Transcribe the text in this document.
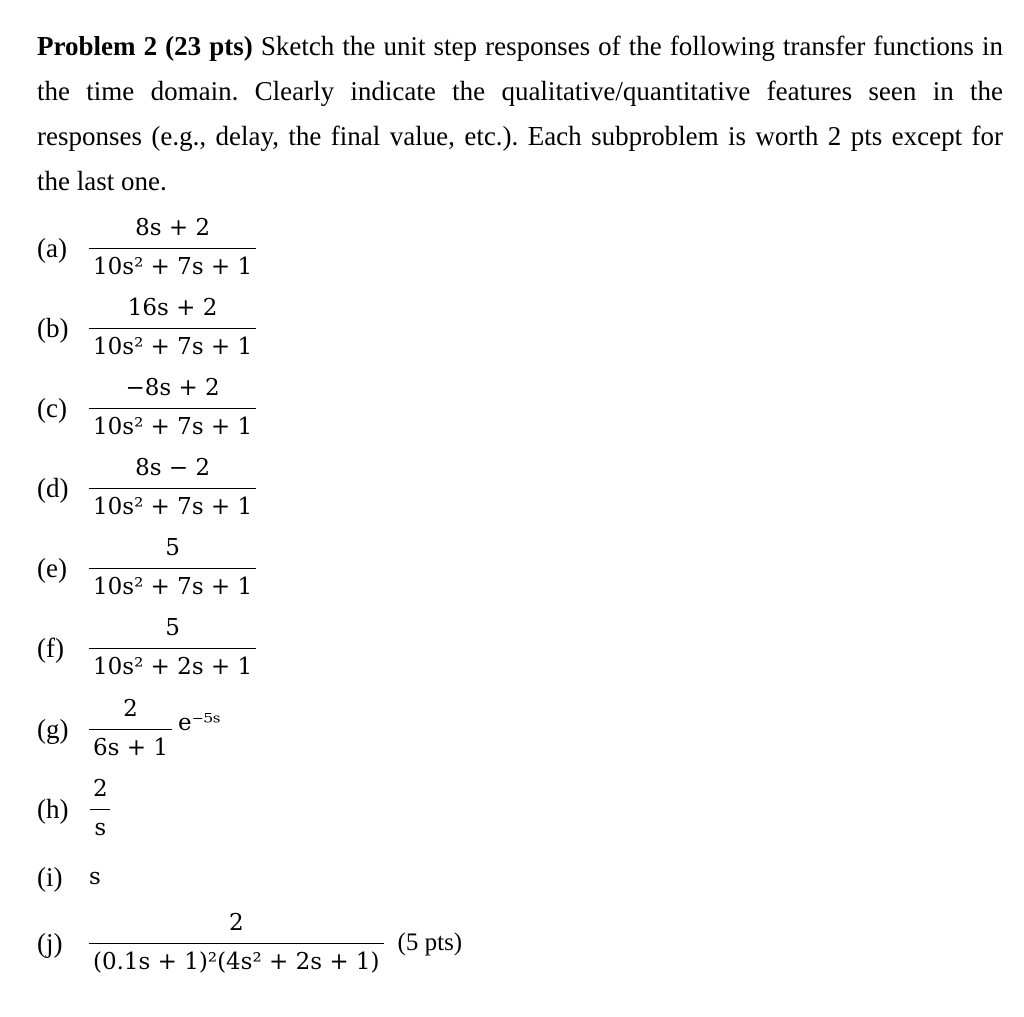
Problem 2 (23 pts) Sketch the unit step responses of the following transfer functions in the time domain. Clearly indicate the qualitative/quantitative features seen in the responses (e.g., delay, the final value, etc.). Each subproblem is worth 2 pts except for the last one.
$(a) \frac{8s + 2}{\text{10s² + 7s + 1}}$
$(b) \frac{16s + 2}{\text{10s² + 7s + 1}}$
$(c) \frac{-8s + 2}{\text{10s² + 7s + 1}}$
$(d) \frac{8s - 2}{\text{10s² + 7s + 1}}$
$(e) \frac{5}{\text{10s² + 7s + 1}}$
(f)	$\frac{5}{\text{10s² + 2s + 1}}$
$(g) \frac{2}{6s + 1}$ e⁻⁵ˢ
$(h) \frac{2}{s}$
(i)	s
(j)	$\frac{2}{\text{(0.1s + 1)²(4s² + 2s + 1)}} (5$ pts)
